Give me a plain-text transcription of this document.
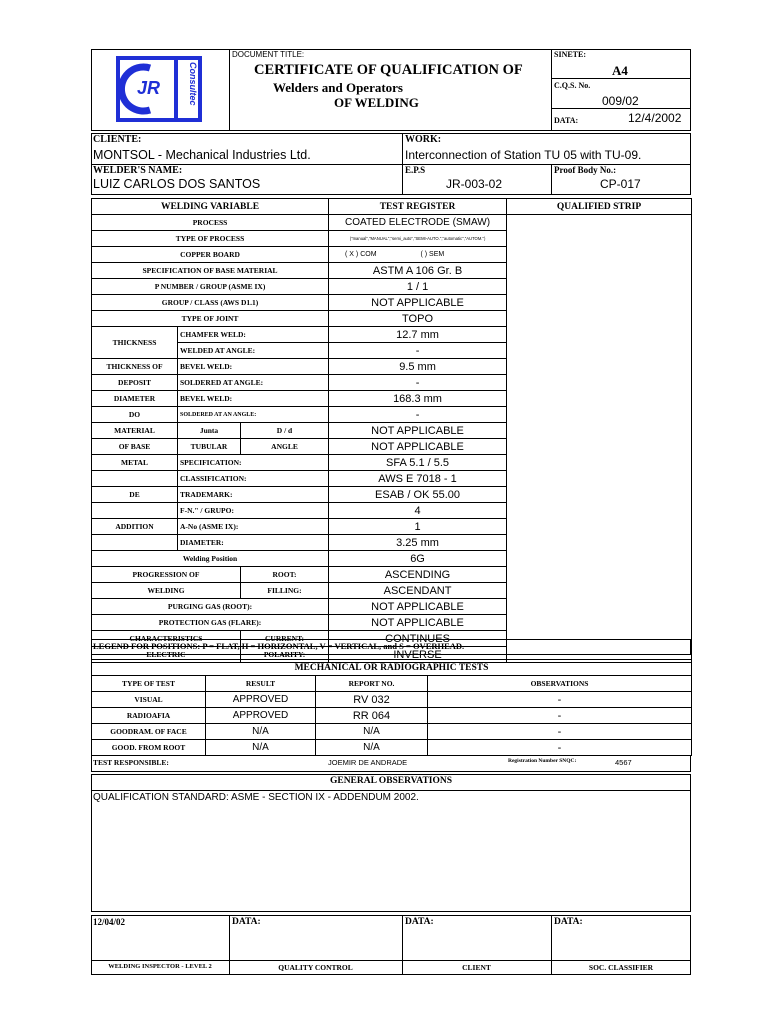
JR	Consultec
DOCUMENT TITLE:
CERTIFICATE OF QUALIFICATION OF
Welders and Operators
OF WELDING
SINETE:
A4
C.Q.S. No.
009/02
DATA:	12/4/2002
CLIENTE:
MONTSOL - Mechanical Industries Ltd.
WORK:
Interconnection of Station TU 05 with TU-09.
WELDER'S NAME:
LUIZ CARLOS DOS SANTOS
E.P.S
JR-003-02
Proof Body No.:
CP-017
WELDING VARIABLE			TEST REGISTER	QUALIFIED STRIP
PROCESS			COATED ELECTRODE (SMAW)	
TYPE OF PROCESS			("manual","MANUAL","semi_auto","SEMI-AUTO.","automatic","AUTOM.")	
COPPER BOARD			( X ) COM ( ) SEM	
SPECIFICATION OF BASE MATERIAL			ASTM A 106 Gr. B	
P NUMBER / GROUP (ASME IX)			1 / 1	
GROUP / CLASS (AWS D1.1)			NOT APPLICABLE	
TYPE OF JOINT			TOPO	
THICKNESS	CHAMFER WELD:		12.7 mm	
	WELDED AT ANGLE:		-	
THICKNESS OF	BEVEL WELD:		9.5 mm	
DEPOSIT	SOLDERED AT ANGLE:		-	
DIAMETER	BEVEL WELD:		168.3 mm	
DO	SOLDERED AT AN ANGLE:		-	
MATERIAL	Junta	D / d	NOT APPLICABLE	
OF BASE	TUBULAR	ANGLE	NOT APPLICABLE	
METAL	SPECIFICATION:		SFA 5.1 / 5.5	
	CLASSIFICATION:		AWS E 7018 - 1	
DE	TRADEMARK:		ESAB / OK 55.00	
	F-N." / GRUPO:		4	
ADDITION	A-No (ASME IX):		1	
	DIAMETER:		3.25 mm	
Welding Position			6G	
PROGRESSION OF		ROOT:	ASCENDING	
WELDING		FILLING:	ASCENDANT	
PURGING GAS (ROOT):			NOT APPLICABLE	
PROTECTION GAS (FLARE):			NOT APPLICABLE	
CHARACTERISTICS		CURRENT:	CONTINUES	
ELECTRIC		POLARITY:	INVERSE	
LEGEND FOR POSITIONS: P = FLAT, H = HORIZONTAL, V = VERTICAL, and S = OVERHEAD.
MECHANICAL OR RADIOGRAPHIC TESTS			
TYPE OF TEST	RESULT	REPORT NO.	OBSERVATIONS
VISUAL	APPROVED	RV 032	-
RADIOAFIA	APPROVED	RR 064	-
GOODRAM. OF FACE	N/A	N/A	-
GOOD. FROM ROOT	N/A	N/A	-
TEST RESPONSIBLE:	JOEMIR DE ANDRADE	Registration Number SNQC:	4567
GENERAL OBSERVATIONS
QUALIFICATION STANDARD: ASME - SECTION IX - ADDENDUM 2002.
12/04/02	DATA:	DATA:	DATA:
WELDING INSPECTOR - LEVEL 2	QUALITY CONTROL	CLIENT	SOC. CLASSIFIER
